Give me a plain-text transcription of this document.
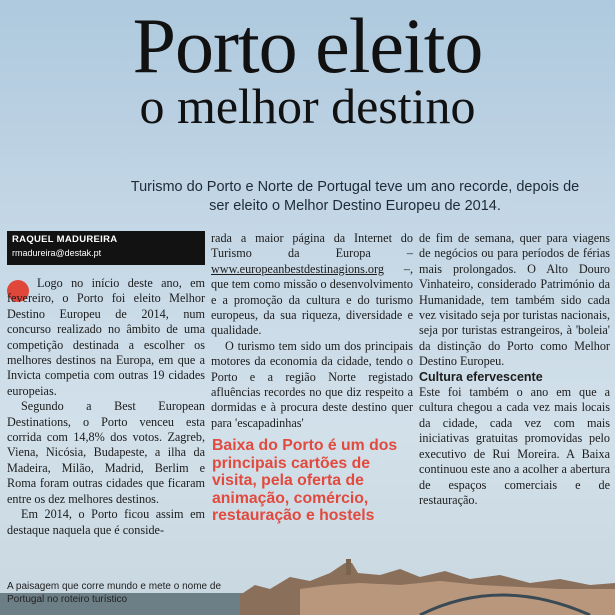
Porto eleito
o melhor destino
Turismo do Porto e Norte de Portugal teve um ano recorde, depois de ser eleito o Melhor Destino Europeu de 2014.
RAQUEL MADUREIRA
rmadureira@destak.pt

Logo no início deste ano, em fevereiro, o Porto foi eleito Melhor Destino Europeu de 2014, num concurso realizado no âmbito de uma competição destinada a escolher os melhores destinos na Europa, em que a Invicta competia com outras 19 cidades europeias.

Segundo a Best European Destinations, o Porto venceu esta corrida com 14,8% dos votos. Zagreb, Viena, Nicósia, Budapeste, a ilha da Madeira, Milão, Madrid, Berlim e Roma foram outras cidades que ficaram entre os dez melhores destinos.

Em 2014, o Porto ficou assim em destaque naquela que é conside-

rada a maior página da Internet do Turismo da Europa – www.europeanbestdestinagions.org –, que tem como missão o desenvolvimento e a promoção da cultura e do turismo europeus, da sua riqueza, diversidade e qualidade.

O turismo tem sido um dos principais motores da economia da cidade, tendo o Porto e a região Norte registado afluências recordes no que diz respeito a dormidas e à procura deste destino quer para 'escapadinhas'

Baixa do Porto é um dos principais cartões de visita, pela oferta de animação, comércio, restauração e hostels

de fim de semana, quer para viagens de negócios ou para períodos de férias mais prolongados. O Alto Douro Vinhateiro, considerado Património da Humanidade, tem também sido cada vez visitado seja por turistas nacionais, seja por turistas estrangeiros, à 'boleia' da distinção do Porto como Melhor Destino Europeu.

Cultura efervescente

Este foi também o ano em que a cultura chegou a cada vez mais locais da cidade, cada vez com mais iniciativas gratuitas promovidas pelo executivo de Rui Moreira. A Baixa continuou este ano a acolher a abertura de espaços comerciais e de restauração.

A paisagem que corre mundo e mete o nome de Portugal no roteiro turístico
